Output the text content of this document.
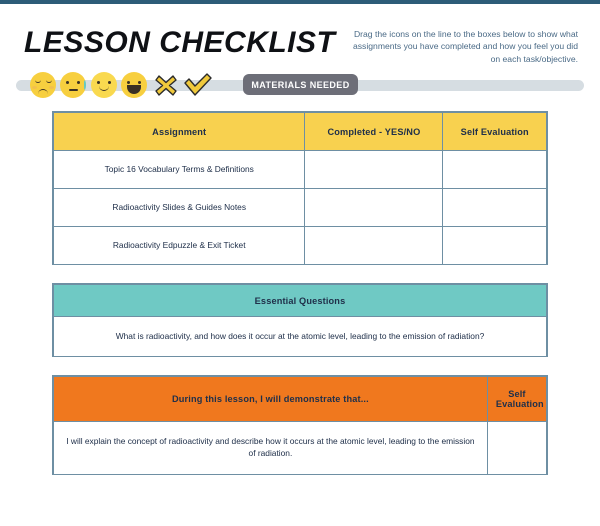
LESSON CHECKLIST	Drag the icons on the line to the boxes below to show what assignments you have completed and how you feel you did on each task/objective.
MATERIALS NEEDED
Assignment	Completed - YES/NO	Self Evaluation
Topic 16 Vocabulary Terms & Definitions		
Radioactivity Slides & Guides Notes		
Radioactivity Edpuzzle & Exit Ticket		
Essential Questions
What is radioactivity, and how does it occur at the atomic level, leading to the emission of radiation?
During this lesson, I will demonstrate that...	Self Evaluation
I will explain the concept of radioactivity and describe how it occurs at the atomic level, leading to the emission of radiation.	
